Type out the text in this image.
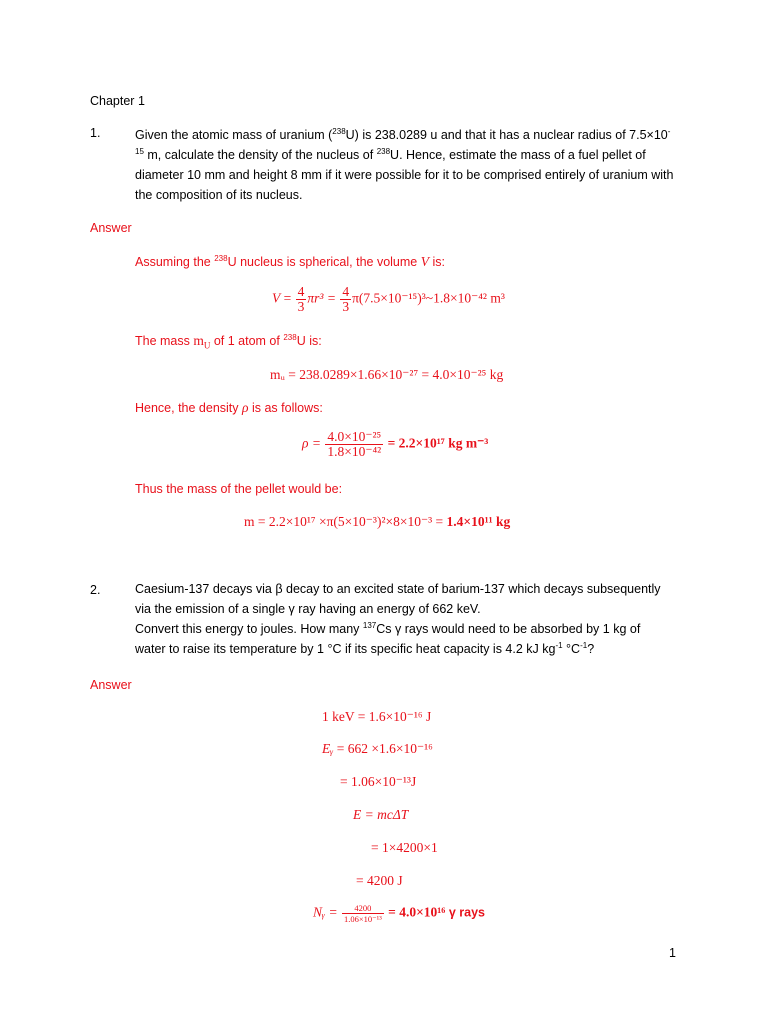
Chapter 1
1.	Given the atomic mass of uranium ($^{238}$U) is 238.0289 u and that it has a nuclear radius of $7.5\times 10^{-15}$ m, calculate the density of the nucleus of $^{238}$U. Hence, estimate the mass of a fuel pellet of diameter 10 mm and height 8 mm if it were possible for it to be comprised entirely of uranium with the composition of its nucleus.
Answer
Assuming the $^{238}$U nucleus is spherical, the volume V is:
$V = \frac{4}{3} \pi r^3 = \frac{4}{3}$ π(7.5×10⁻¹⁵)³~1.8×10⁻⁴² m³
The mass $m_U$ of 1 atom of $^{238}$U is:
mᵤ = 238.0289×1.66×10⁻²⁷ = 4.0×10⁻²⁵ kg
Hence, the density ρ is as follows:
$\rho = \frac{\text{4.0×10⁻²⁵}}{\text{1.8×10⁻⁴²}} = 2.2\times 10^{17}$ kg m⁻³
Thus the mass of the pellet would be:
m = 2.2×10¹⁷ ×π(5×10⁻³)²×8×10⁻³ = 1.4×10¹¹ kg
2.	Caesium-137 decays via β decay to an excited state of barium-137 which decays subsequently
via the emission of a single γ ray having an energy of 662 keV.
Convert this energy to joules. How many $^{137}$Cs γ rays would need to be absorbed by 1 kg of
water to raise its temperature by 1 °C if its specific heat capacity is 4.2 kJ $kg^{-1}$ $^\circ C^{-1}$?
Answer
1 keV = 1.6×10⁻¹⁶ J
Eᵧ = 662 ×1.6×10⁻¹⁶
= 1.06×10⁻¹³J
E = mcΔT
= 1×4200×1
= 4200 J
Nᵧ = $\frac{4200}{\text{1.06×10⁻¹³}} = 4.0\times 10^{16}$ γ rays
1
